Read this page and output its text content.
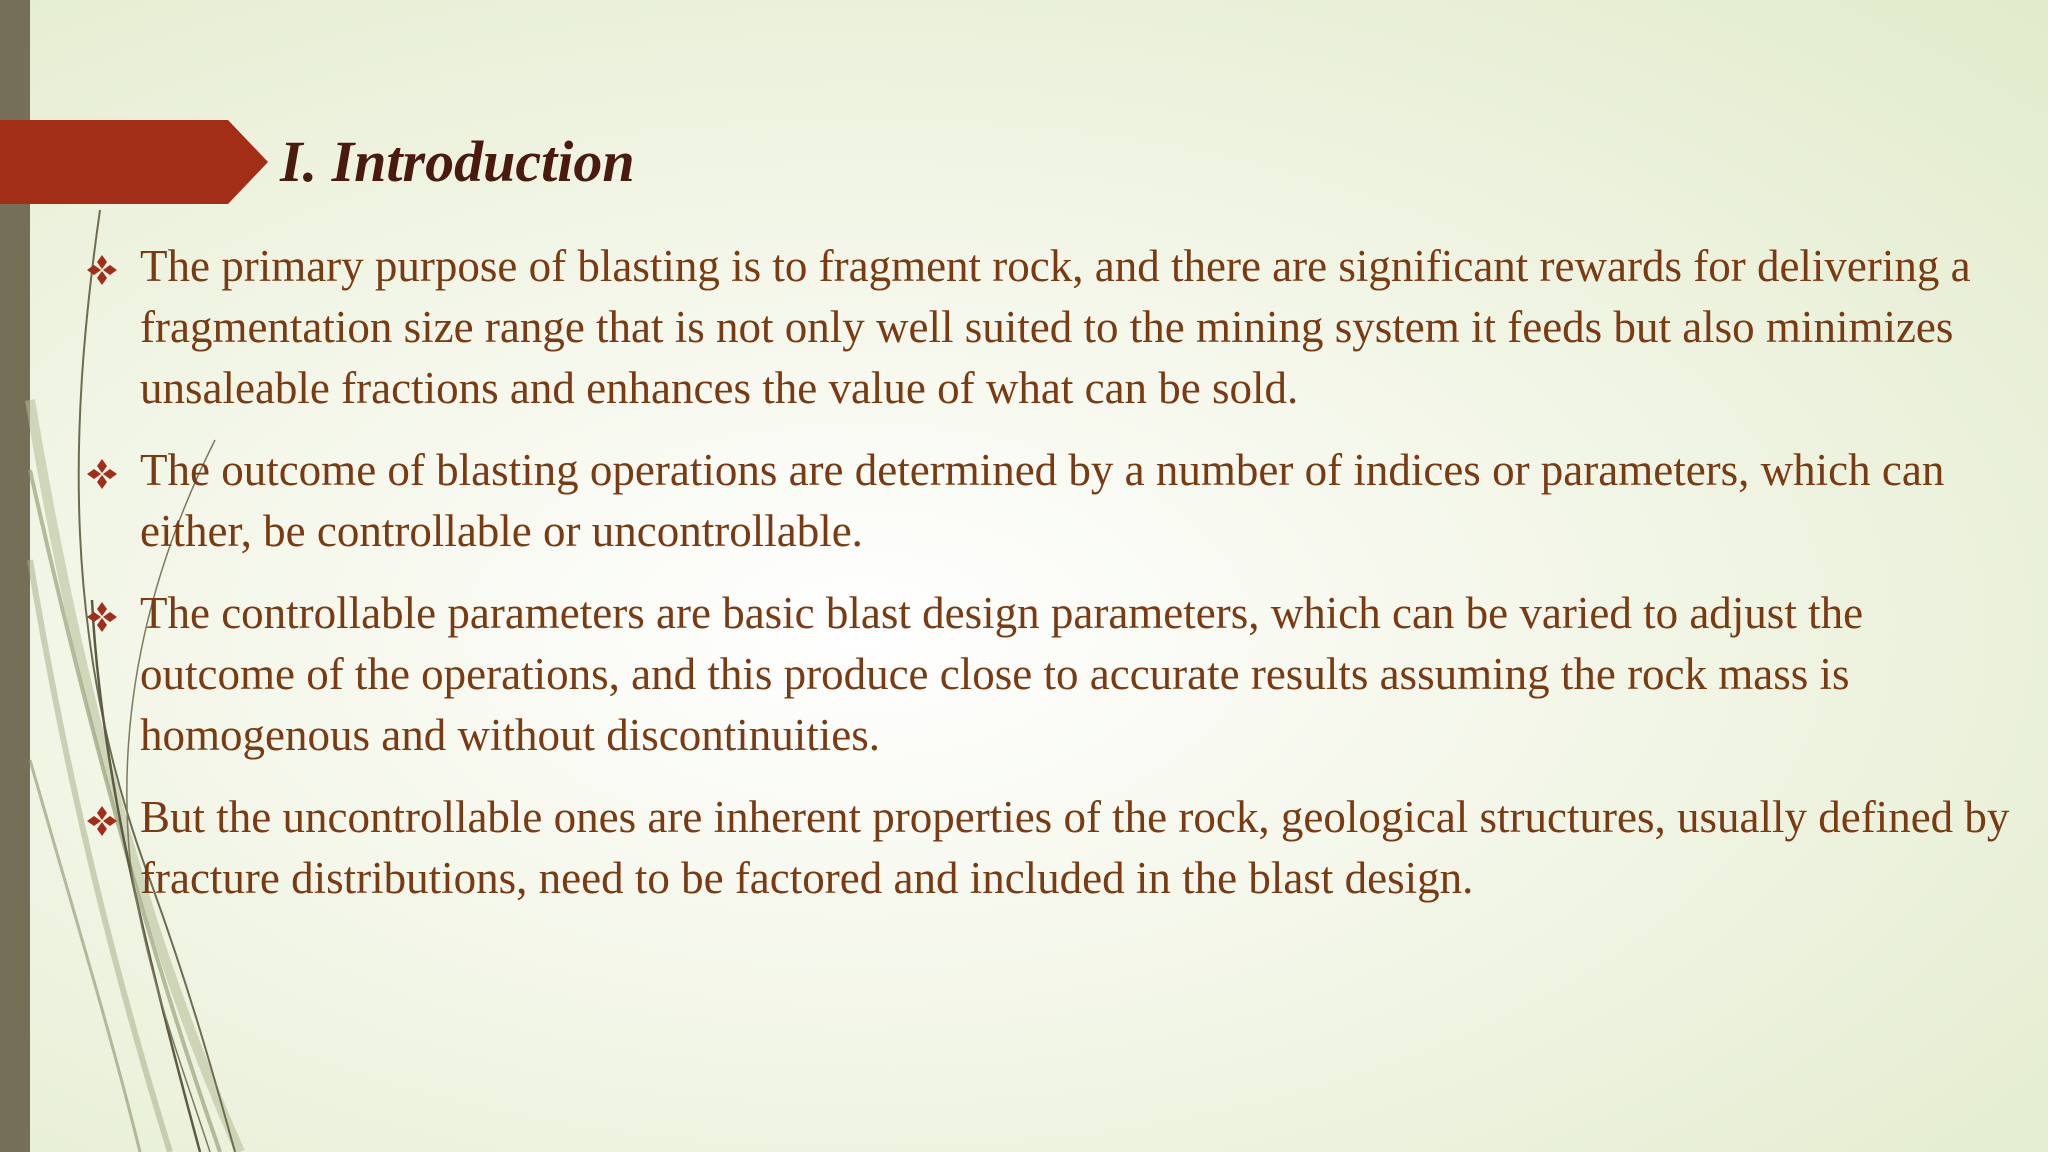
I. Introduction
The primary purpose of blasting is to fragment rock, and there are significant rewards for delivering a fragmentation size range that is not only well suited to the mining system it feeds but also minimizes unsaleable fractions and enhances the value of what can be sold.
The outcome of blasting operations are determined by a number of indices or parameters, which can either, be controllable or uncontrollable.
The controllable parameters are basic blast design parameters, which can be varied to adjust the outcome of the operations, and this produce close to accurate results assuming the rock mass is homogenous and without discontinuities.
But the uncontrollable ones are inherent properties of the rock, geological structures, usually defined by fracture distributions, need to be factored and included in the blast design.
